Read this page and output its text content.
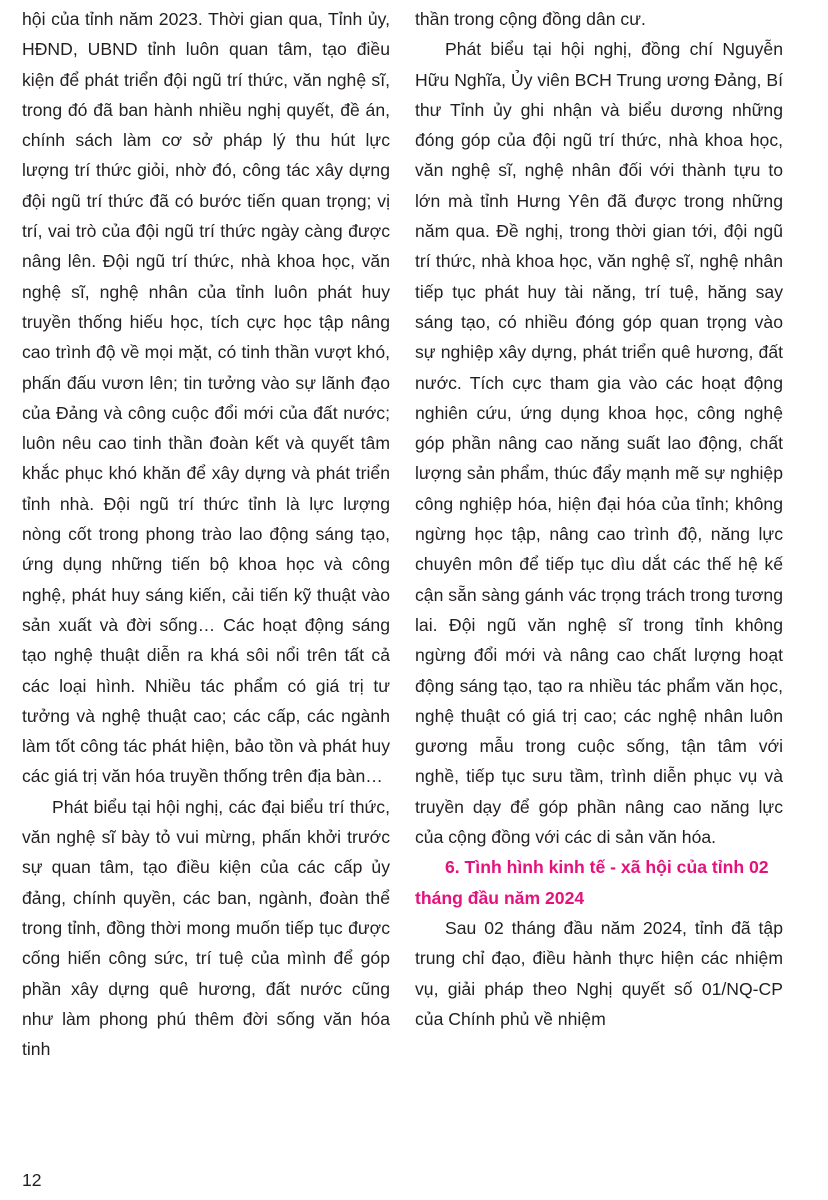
hội của tỉnh năm 2023. Thời gian qua, Tỉnh ủy, HĐND, UBND tỉnh luôn quan tâm, tạo điều kiện để phát triển đội ngũ trí thức, văn nghệ sĩ, trong đó đã ban hành nhiều nghị quyết, đề án, chính sách làm cơ sở pháp lý thu hút lực lượng trí thức giỏi, nhờ đó, công tác xây dựng đội ngũ trí thức đã có bước tiến quan trọng; vị trí, vai trò của đội ngũ trí thức ngày càng được nâng lên. Đội ngũ trí thức, nhà khoa học, văn nghệ sĩ, nghệ nhân của tỉnh luôn phát huy truyền thống hiếu học, tích cực học tập nâng cao trình độ về mọi mặt, có tinh thần vượt khó, phấn đấu vươn lên; tin tưởng vào sự lãnh đạo của Đảng và công cuộc đổi mới của đất nước; luôn nêu cao tinh thần đoàn kết và quyết tâm khắc phục khó khăn để xây dựng và phát triển tỉnh nhà. Đội ngũ trí thức tỉnh là lực lượng nòng cốt trong phong trào lao động sáng tạo, ứng dụng những tiến bộ khoa học và công nghệ, phát huy sáng kiến, cải tiến kỹ thuật vào sản xuất và đời sống… Các hoạt động sáng tạo nghệ thuật diễn ra khá sôi nổi trên tất cả các loại hình. Nhiều tác phẩm có giá trị tư tưởng và nghệ thuật cao; các cấp, các ngành làm tốt công tác phát hiện, bảo tồn và phát huy các giá trị văn hóa truyền thống trên địa bàn…

Phát biểu tại hội nghị, các đại biểu trí thức, văn nghệ sĩ bày tỏ vui mừng, phấn khởi trước sự quan tâm, tạo điều kiện của các cấp ủy đảng, chính quyền, các ban, ngành, đoàn thể trong tỉnh, đồng thời mong muốn tiếp tục được cống hiến công sức, trí tuệ của mình để góp phần xây dựng quê hương, đất nước cũng như làm phong phú thêm đời sống văn hóa tinh

thần trong cộng đồng dân cư.

Phát biểu tại hội nghị, đồng chí Nguyễn Hữu Nghĩa, Ủy viên BCH Trung ương Đảng, Bí thư Tỉnh ủy ghi nhận và biểu dương những đóng góp của đội ngũ trí thức, nhà khoa học, văn nghệ sĩ, nghệ nhân đối với thành tựu to lớn mà tỉnh Hưng Yên đã được trong những năm qua. Đề nghị, trong thời gian tới, đội ngũ trí thức, nhà khoa học, văn nghệ sĩ, nghệ nhân tiếp tục phát huy tài năng, trí tuệ, hăng say sáng tạo, có nhiều đóng góp quan trọng vào sự nghiệp xây dựng, phát triển quê hương, đất nước. Tích cực tham gia vào các hoạt động nghiên cứu, ứng dụng khoa học, công nghệ góp phần nâng cao năng suất lao động, chất lượng sản phẩm, thúc đẩy mạnh mẽ sự nghiệp công nghiệp hóa, hiện đại hóa của tỉnh; không ngừng học tập, nâng cao trình độ, năng lực chuyên môn để tiếp tục dìu dắt các thế hệ kế cận sẵn sàng gánh vác trọng trách trong tương lai. Đội ngũ văn nghệ sĩ trong tỉnh không ngừng đổi mới và nâng cao chất lượng hoạt động sáng tạo, tạo ra nhiều tác phẩm văn học, nghệ thuật có giá trị cao; các nghệ nhân luôn gương mẫu trong cuộc sống, tận tâm với nghề, tiếp tục sưu tầm, trình diễn phục vụ và truyền dạy để góp phần nâng cao năng lực của cộng đồng với các di sản văn hóa.

6. Tình hình kinh tế - xã hội của tỉnh 02 tháng đầu năm 2024

Sau 02 tháng đầu năm 2024, tỉnh đã tập trung chỉ đạo, điều hành thực hiện các nhiệm vụ, giải pháp theo Nghị quyết số 01/NQ-CP của Chính phủ về nhiệm

12
